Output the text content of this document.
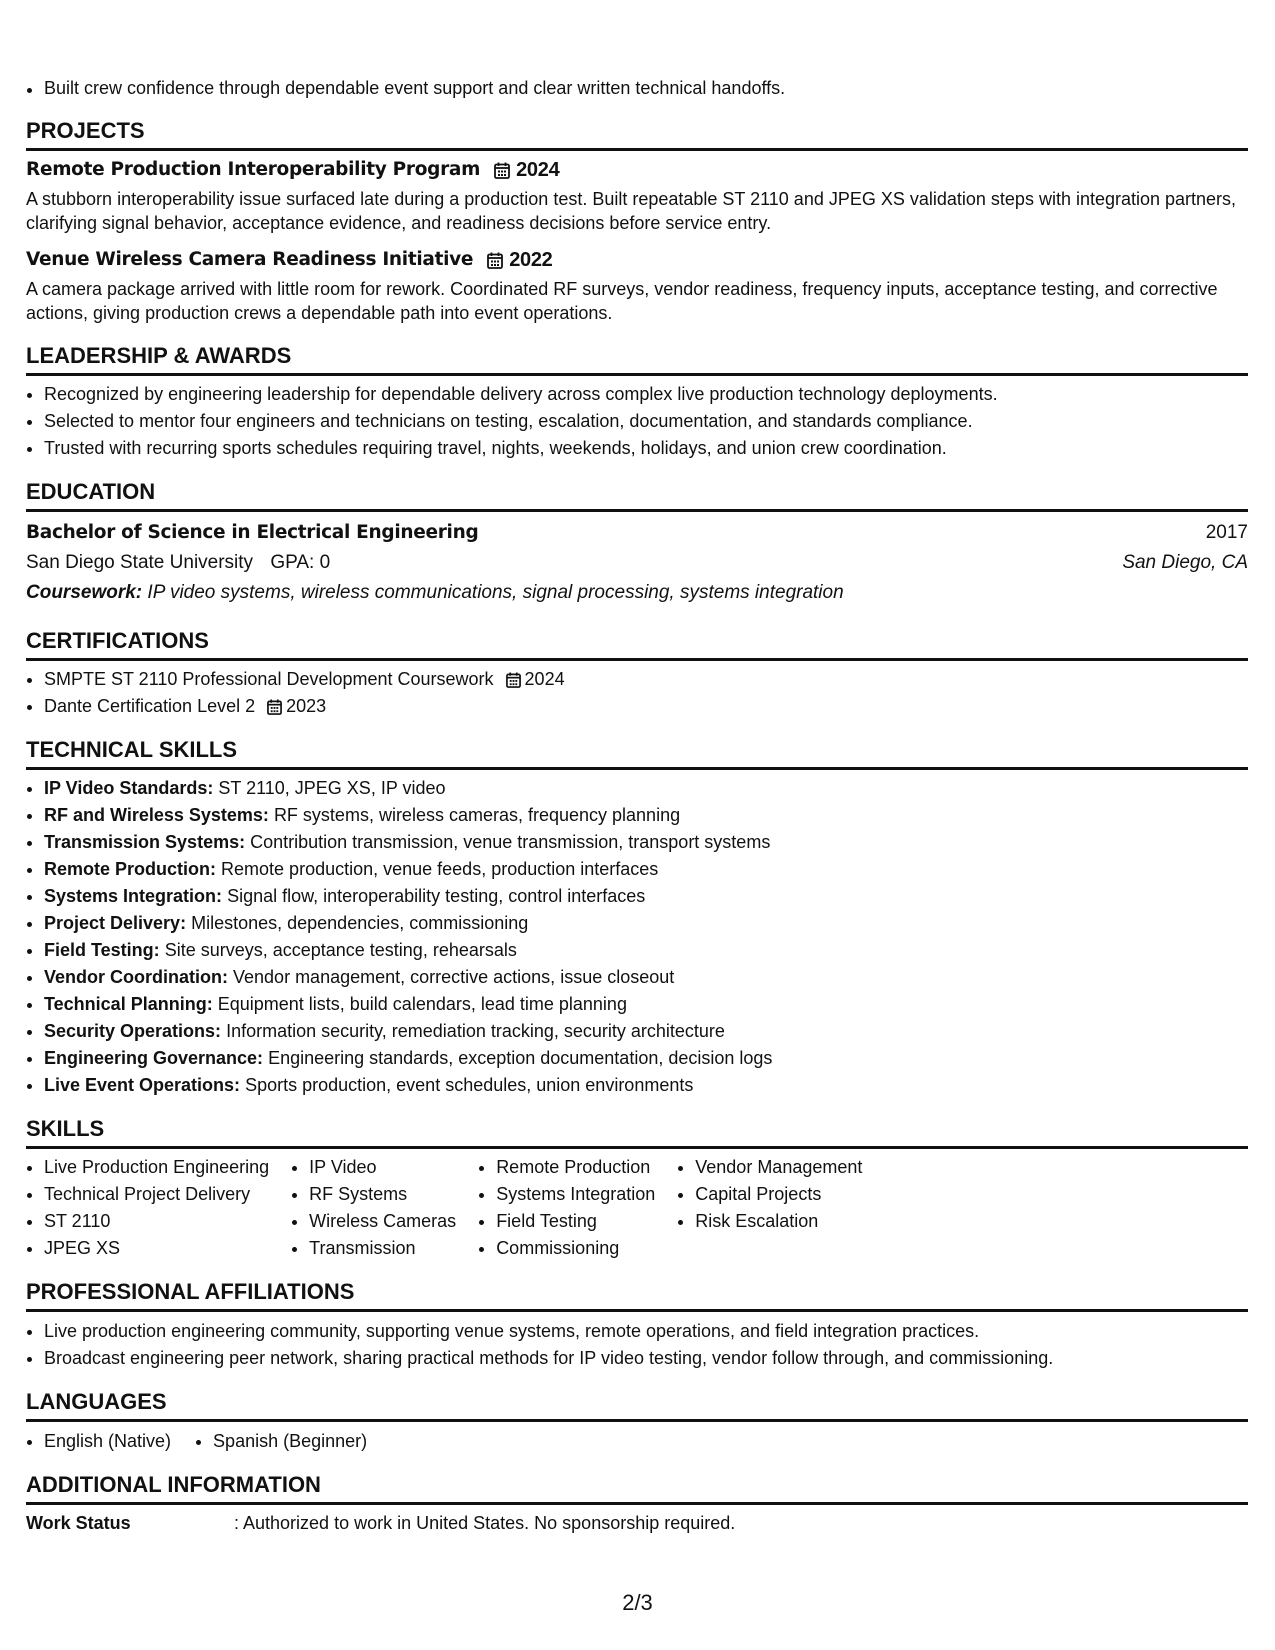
Built crew confidence through dependable event support and clear written technical handoffs.
PROJECTS
Remote Production Interoperability Program 2024

A stubborn interoperability issue surfaced late during a production test. Built repeatable ST 2110 and JPEG XS validation steps with integration partners, clarifying signal behavior, acceptance evidence, and readiness decisions before service entry.

Venue Wireless Camera Readiness Initiative 2022

A camera package arrived with little room for rework. Coordinated RF surveys, vendor readiness, frequency inputs, acceptance testing, and corrective actions, giving production crews a dependable path into event operations.

LEADERSHIP & AWARDS
Recognized by engineering leadership for dependable delivery across complex live production technology deployments.
Selected to mentor four engineers and technicians on testing, escalation, documentation, and standards compliance.
Trusted with recurring sports schedules requiring travel, nights, weekends, holidays, and union crew coordination.
EDUCATION
Bachelor of Science in Electrical Engineering	2017
San Diego State University GPA: 0	San Diego, CA
Coursework: IP video systems, wireless communications, signal processing, systems integration
CERTIFICATIONS
SMPTE ST 2110 Professional Development Coursework 2024
Dante Certification Level 2 2023
TECHNICAL SKILLS
IP Video Standards: ST 2110, JPEG XS, IP video
RF and Wireless Systems: RF systems, wireless cameras, frequency planning
Transmission Systems: Contribution transmission, venue transmission, transport systems
Remote Production: Remote production, venue feeds, production interfaces
Systems Integration: Signal flow, interoperability testing, control interfaces
Project Delivery: Milestones, dependencies, commissioning
Field Testing: Site surveys, acceptance testing, rehearsals
Vendor Coordination: Vendor management, corrective actions, issue closeout
Technical Planning: Equipment lists, build calendars, lead time planning
Security Operations: Information security, remediation tracking, security architecture
Engineering Governance: Engineering standards, exception documentation, decision logs
Live Event Operations: Sports production, event schedules, union environments
SKILLS
Live Production Engineering
Technical Project Delivery
ST 2110
JPEG XS
IP Video
RF Systems
Wireless Cameras
Transmission
Remote Production
Systems Integration
Field Testing
Commissioning
Vendor Management
Capital Projects
Risk Escalation
PROFESSIONAL AFFILIATIONS
Live production engineering community, supporting venue systems, remote operations, and field integration practices.
Broadcast engineering peer network, sharing practical methods for IP video testing, vendor follow through, and commissioning.
LANGUAGES
English (Native) Spanish (Beginner)
ADDITIONAL INFORMATION
Work Status	: Authorized to work in United States. No sponsorship required.
2/3
